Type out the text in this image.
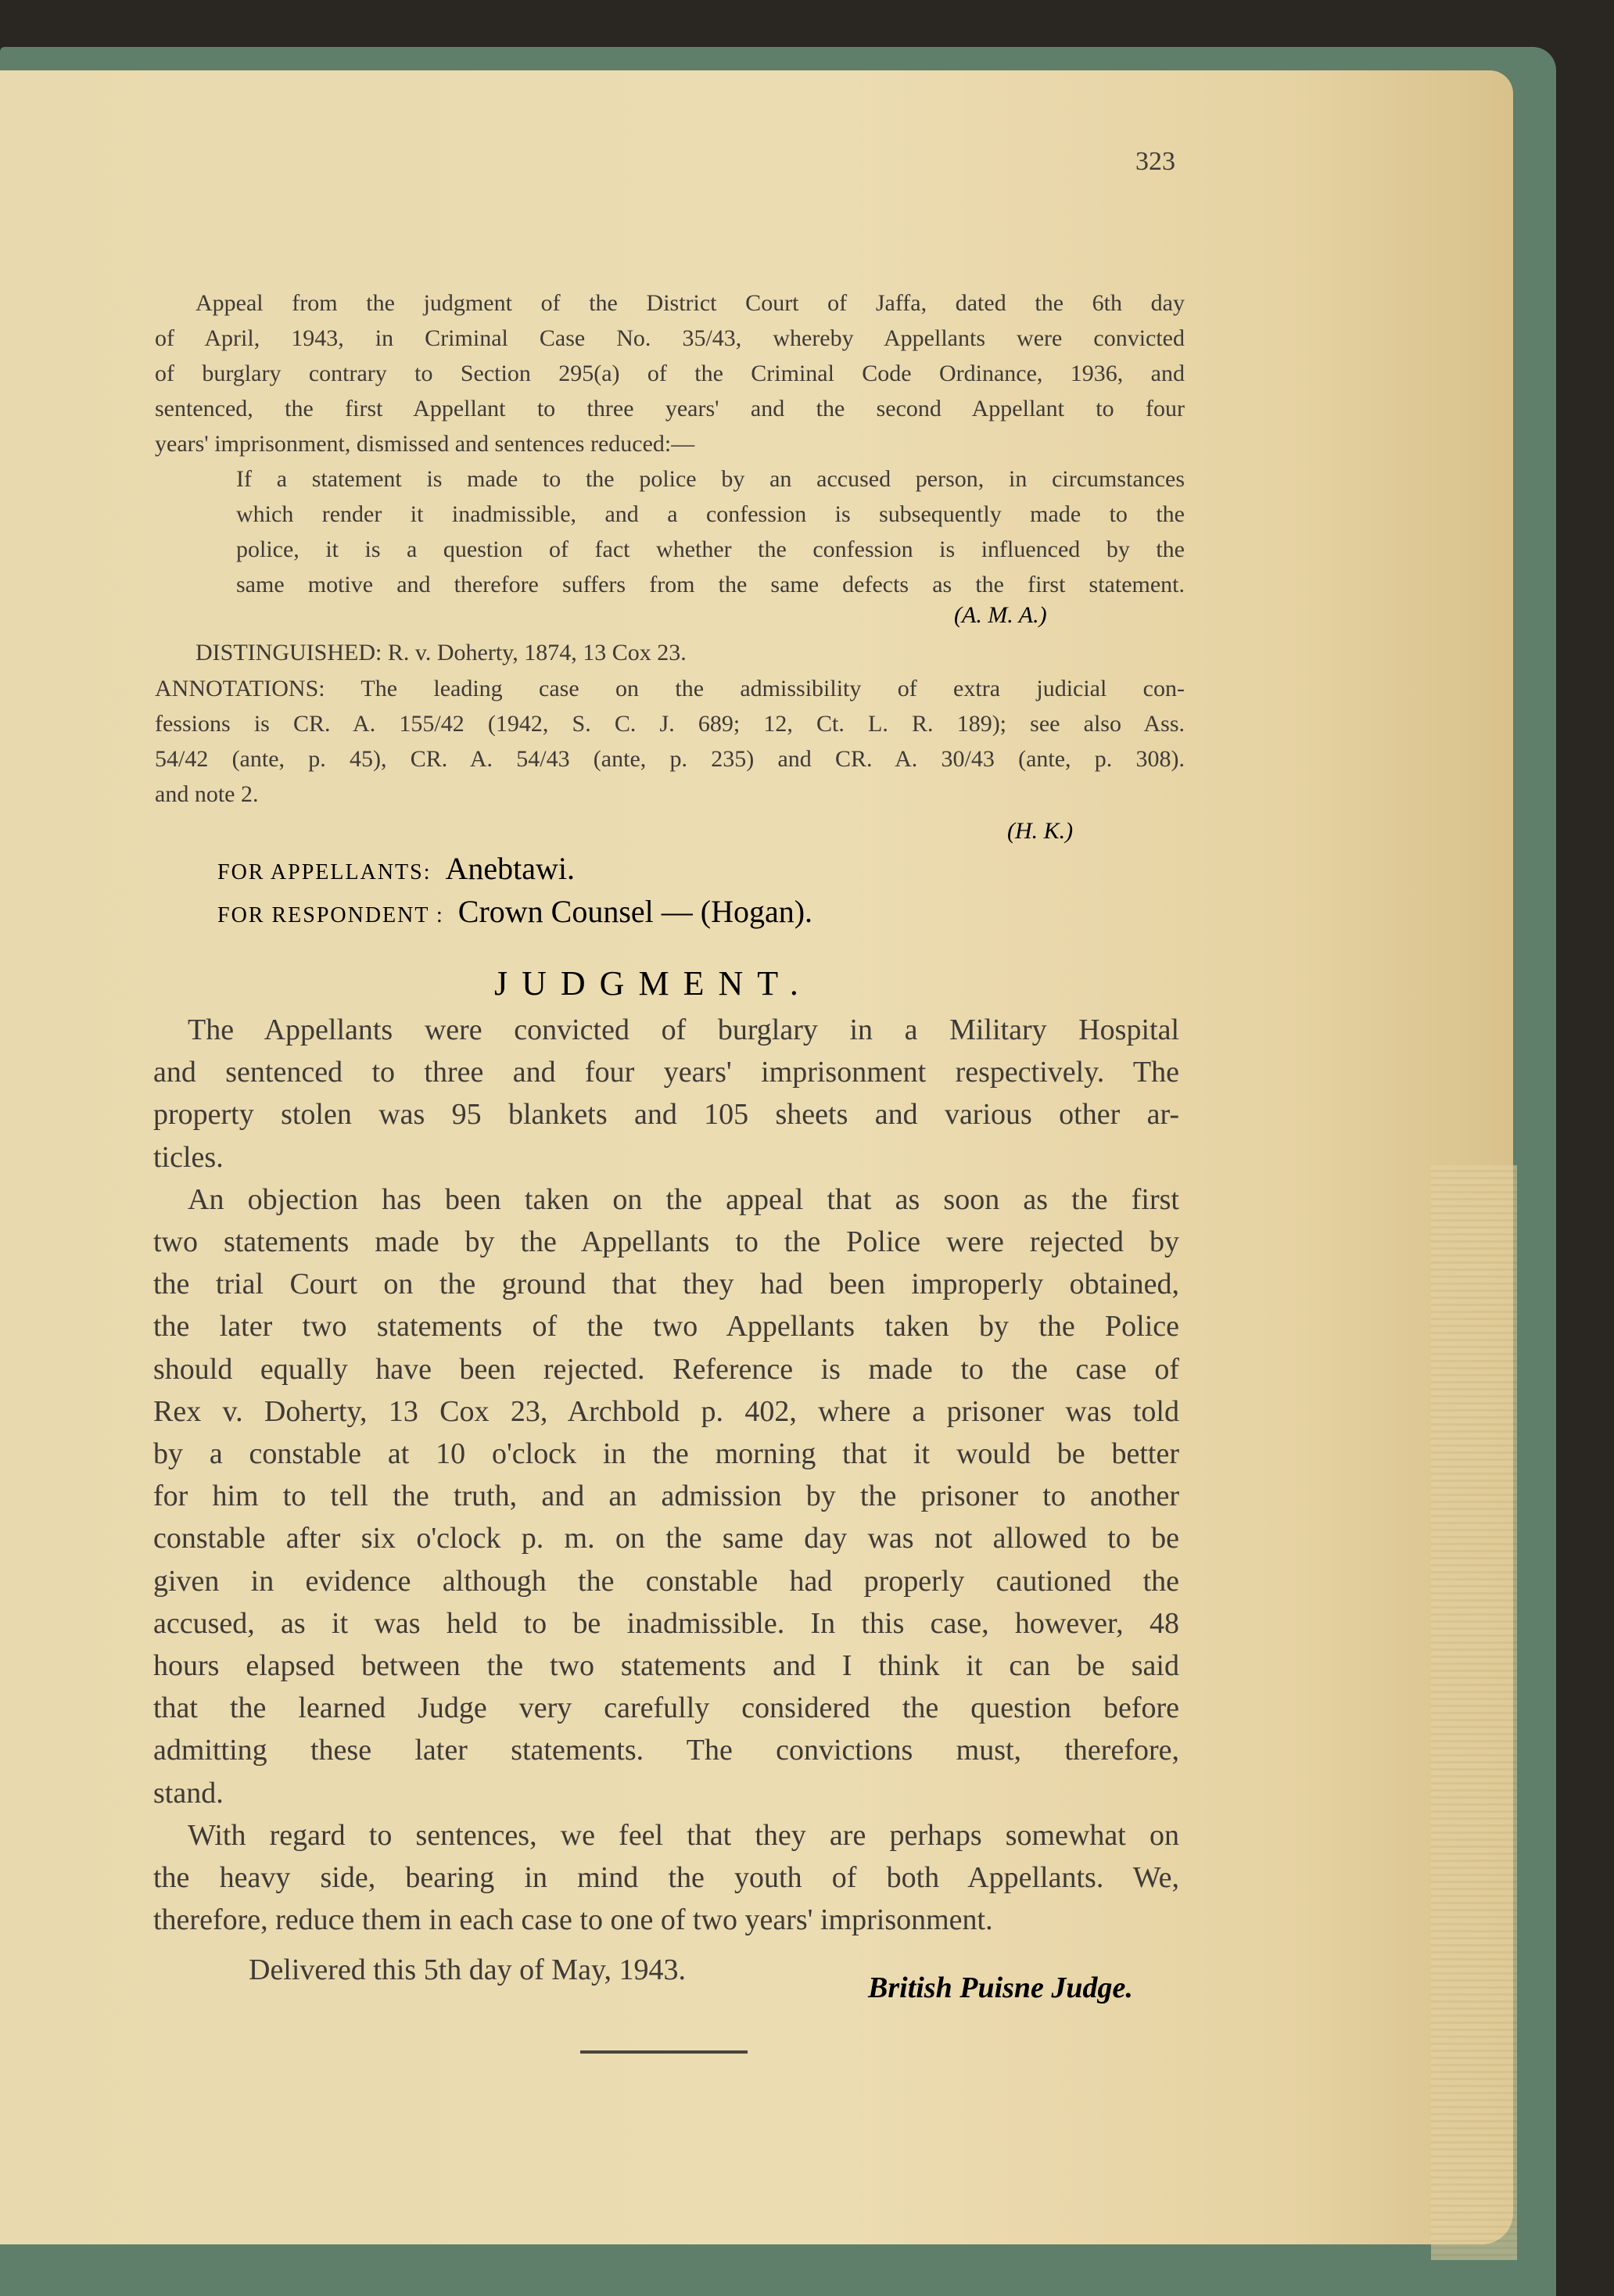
323
Appeal from the judgment of the District Court of Jaffa, dated the 6th day
of April, 1943, in Criminal Case No. 35/43, whereby Appellants were convicted
of burglary contrary to Section 295(a) of the Criminal Code Ordinance, 1936, and
sentenced, the first Appellant to three years' and the second Appellant to four
years' imprisonment, dismissed and sentences reduced:—
If a statement is made to the police by an accused person, in circumstances
which render it inadmissible, and a confession is subsequently made to the
police, it is a question of fact whether the confession is influenced by the
same motive and therefore suffers from the same defects as the first statement.
(A. M. A.)
DISTINGUISHED: R. v. Doherty, 1874, 13 Cox 23.
ANNOTATIONS: The leading case on the admissibility of extra judicial con-
fessions is CR. A. 155/42 (1942, S. C. J. 689; 12, Ct. L. R. 189); see also Ass.
54/42 (ante, p. 45), CR. A. 54/43 (ante, p. 235) and CR. A. 30/43 (ante, p. 308).
and note 2.
(H. K.)
FOR APPELLANTS: Anebtawi.
FOR RESPONDENT : Crown Counsel — (Hogan).
JUDGMENT.
The Appellants were convicted of burglary in a Military Hospital
and sentenced to three and four years' imprisonment respectively. The
property stolen was 95 blankets and 105 sheets and various other ar-
ticles.
An objection has been taken on the appeal that as soon as the first
two statements made by the Appellants to the Police were rejected by
the trial Court on the ground that they had been improperly obtained,
the later two statements of the two Appellants taken by the Police
should equally have been rejected. Reference is made to the case of
Rex v. Doherty, 13 Cox 23, Archbold p. 402, where a prisoner was told
by a constable at 10 o'clock in the morning that it would be better
for him to tell the truth, and an admission by the prisoner to another
constable after six o'clock p. m. on the same day was not allowed to be
given in evidence although the constable had properly cautioned the
accused, as it was held to be inadmissible. In this case, however, 48
hours elapsed between the two statements and I think it can be said
that the learned Judge very carefully considered the question before
admitting these later statements. The convictions must, therefore,
stand.
With regard to sentences, we feel that they are perhaps somewhat on
the heavy side, bearing in mind the youth of both Appellants. We,
therefore, reduce them in each case to one of two years' imprisonment.
Delivered this 5th day of May, 1943.
British Puisne Judge.
